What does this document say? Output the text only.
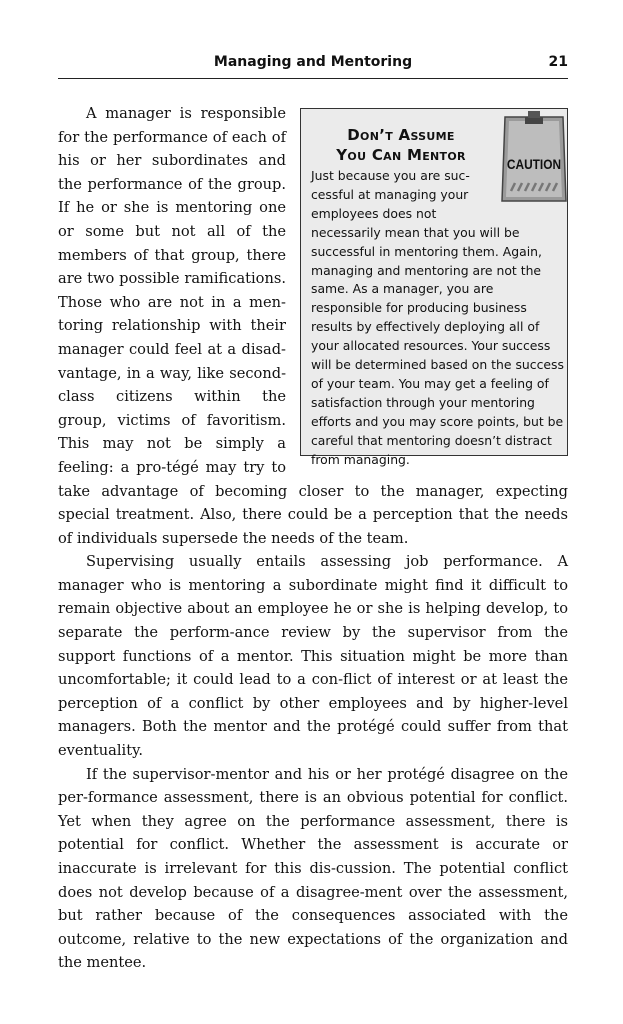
Managing and Mentoring	21
Don’t Assume
You Can Mentor
CAUTION
Just because you are suc-cessful at managing your employees does not necessarily mean that you will be successful in mentoring them. Again, managing and mentoring are not the same. As a manager, you are responsible for producing business results by effectively deploying all of your allocated resources. Your success will be determined based on the success of your team. You may get a feeling of satisfaction through your mentoring efforts and you may score points, but be careful that mentoring doesn’t distract from managing.

A manager is responsible for the performance of each of his or her subordinates and the performance of the group. If he or she is mentoring one or some but not all of the members of that group, there are two possible ramifications. Those who are not in a men-toring relationship with their manager could feel at a disad-vantage, in a way, like second-class citizens within the group, victims of favoritism. This may not be simply a feeling: a pro-tégé may try to take advantage of becoming closer to the manager, expecting special treatment. Also, there could be a perception that the needs of individuals supersede the needs of the team.

Supervising usually entails assessing job performance. A manager who is mentoring a subordinate might find it difficult to remain objective about an employee he or she is helping develop, to separate the perform-ance review by the supervisor from the support functions of a mentor. This situation might be more than uncomfortable; it could lead to a con-flict of interest or at least the perception of a conflict by other employees and by higher-level managers. Both the mentor and the protégé could suffer from that eventuality.

If the supervisor-mentor and his or her protégé disagree on the per-formance assessment, there is an obvious potential for conflict. Yet when they agree on the performance assessment, there is potential for conflict. Whether the assessment is accurate or inaccurate is irrelevant for this dis-cussion. The potential conflict does not develop because of a disagree-ment over the assessment, but rather because of the consequences associated with the outcome, relative to the new expectations of the organization and the mentee.
